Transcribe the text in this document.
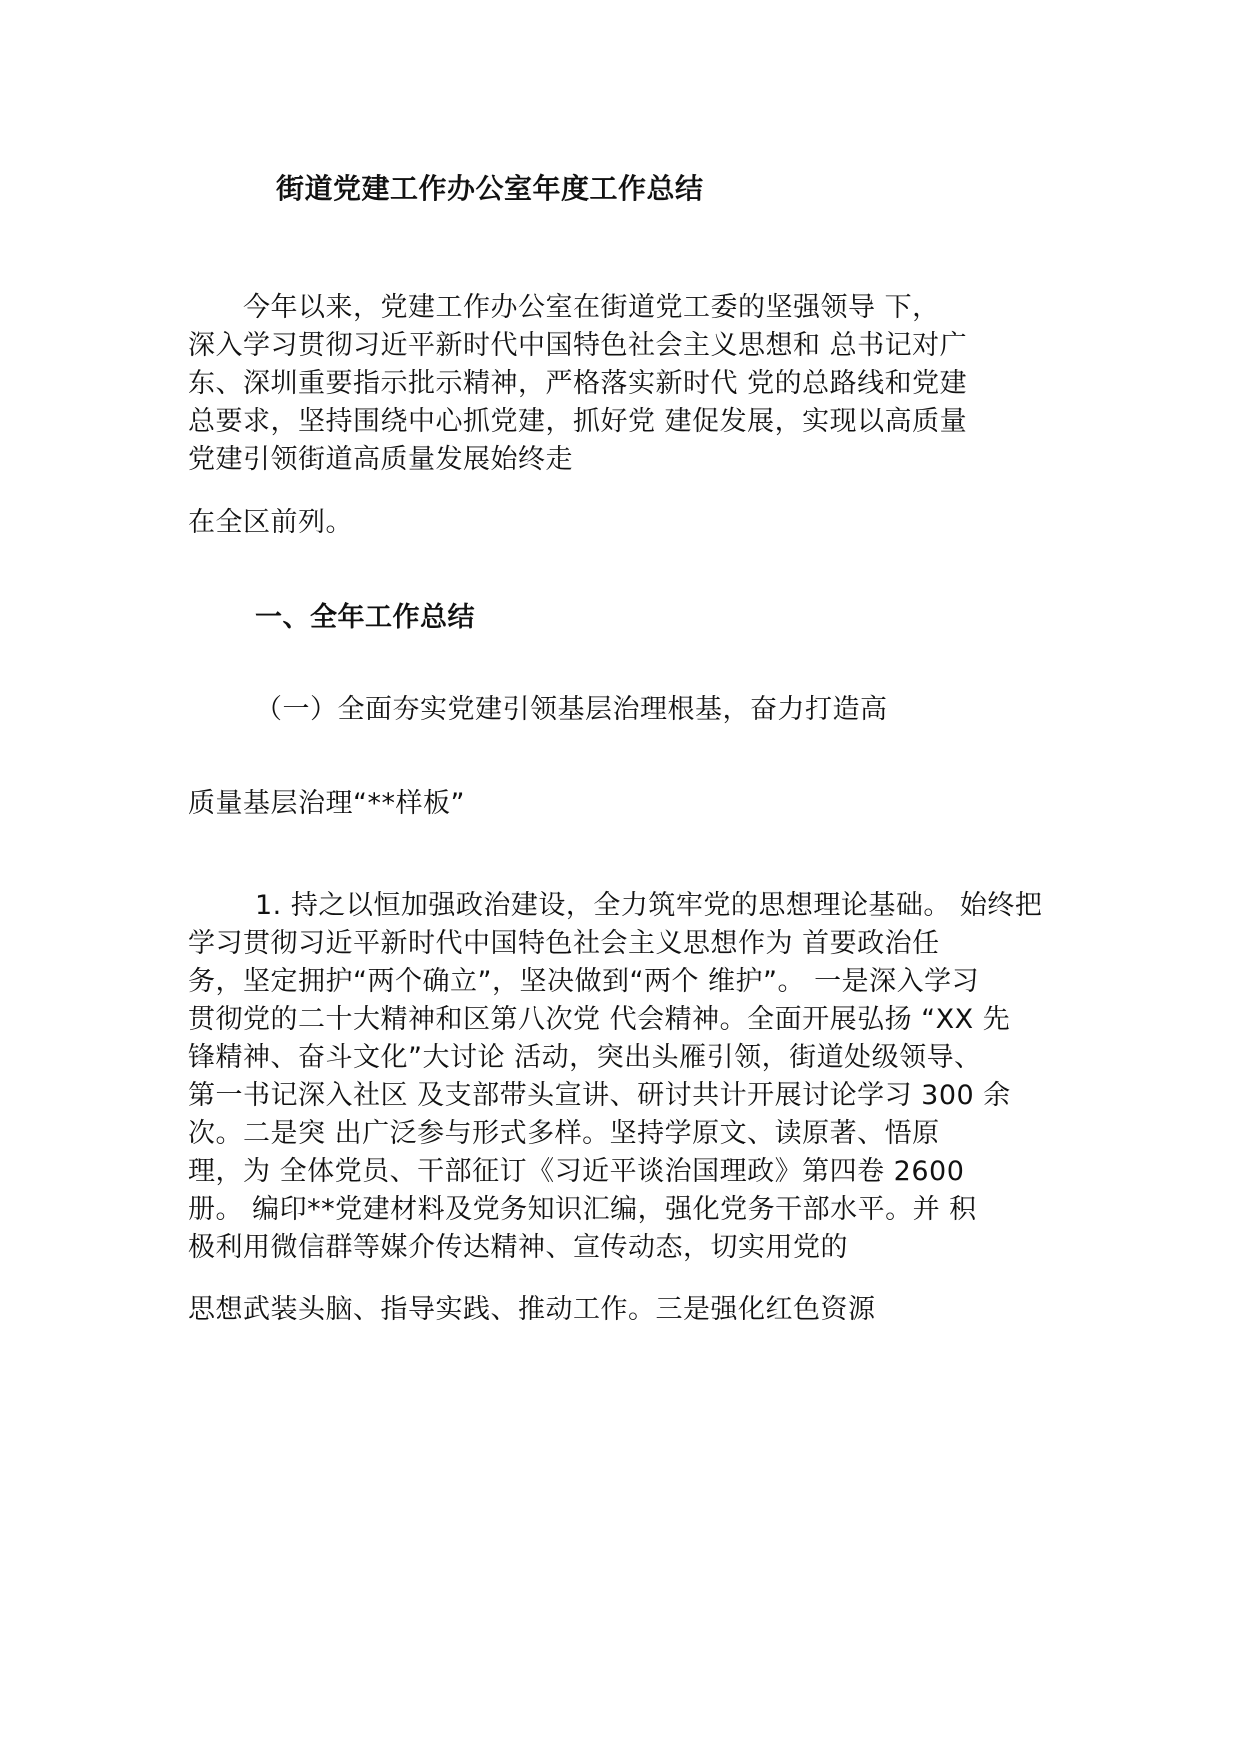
街道党建工作办公室年度工作总结
　　今年以来，党建工作办公室在街道党工委的坚强领导 下，
深入学习贯彻习近平新时代中国特色社会主义思想和 总书记对广
东、深圳重要指示批示精神，严格落实新时代 党的总路线和党建
总要求，坚持围绕中心抓党建，抓好党 建促发展，实现以高质量
党建引领街道高质量发展始终走
在全区前列。
一、全年工作总结
（一）全面夯实党建引领基层治理根基，奋力打造高
质量基层治理“**样板”
1. 持之以恒加强政治建设，全力筑牢党的思想理论基础。 始终把
学习贯彻习近平新时代中国特色社会主义思想作为 首要政治任
务，坚定拥护“两个确立”，坚决做到“两个 维护”。 一是深入学习
贯彻党的二十大精神和区第八次党 代会精神。全面开展弘扬 “XX 先
锋精神、奋斗文化”大讨论 活动，突出头雁引领，街道处级领导、
第一书记深入社区 及支部带头宣讲、研讨共计开展讨论学习 300 余
次。二是突 出广泛参与形式多样。坚持学原文、读原著、悟原
理，为 全体党员、干部征订《习近平谈治国理政》第四卷 2600
册。 编印**党建材料及党务知识汇编，强化党务干部水平。并 积
极利用微信群等媒介传达精神、宣传动态，切实用党的
思想武装头脑、指导实践、推动工作。三是强化红色资源
